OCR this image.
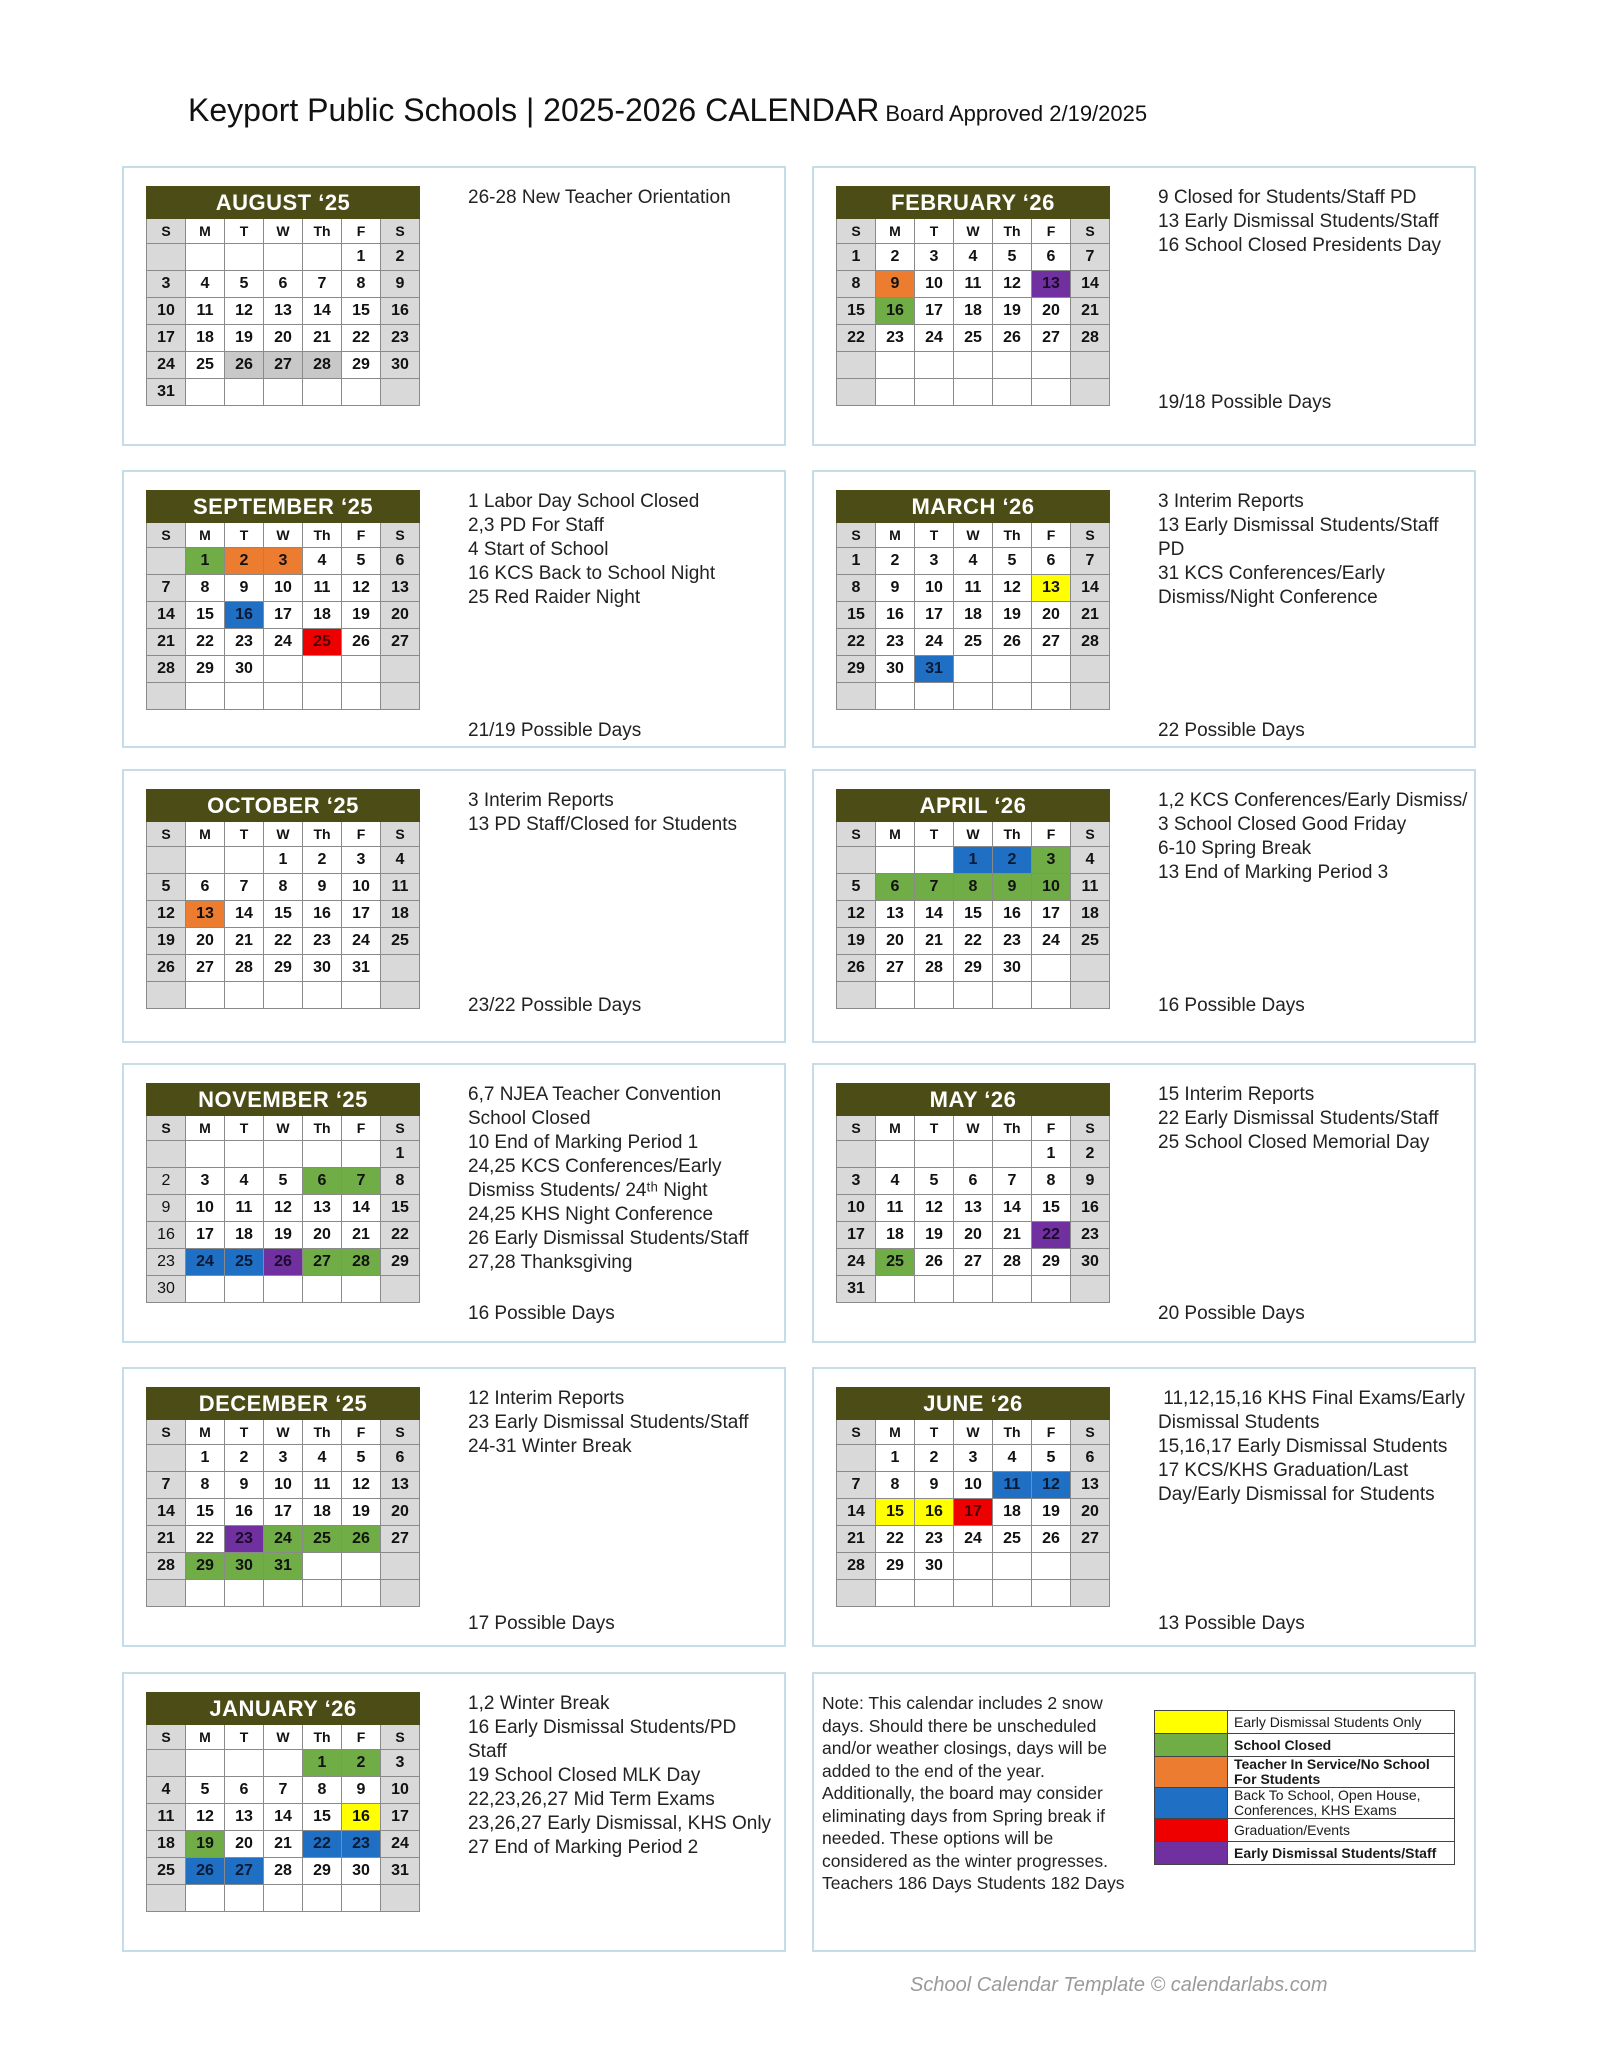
Keyport Public Schools | 2025-2026 CALENDAR Board Approved 2/19/2025
AUGUST ‘25						
S	M	T	W	Th	F	S
					1	2
3	4	5	6	7	8	9
10	11	12	13	14	15	16
17	18	19	20	21	22	23
24	25	26	27	28	29	30
31						
26-28 New Teacher Orientation	FEBRUARY ‘26						
S	M	T	W	Th	F	S
1	2	3	4	5	6	7
8	9	10	11	12	13	14
15	16	17	18	19	20	21
22	23	24	25	26	27	28

9 Closed for Students/Staff PD
13 Early Dismissal Students/Staff
16 School Closed Presidents Day
19/18 Possible Days
SEPTEMBER ‘25						
S	M	T	W	Th	F	S
	1	2	3	4	5	6
7	8	9	10	11	12	13
14	15	16	17	18	19	20
21	22	23	24	25	26	27
28	29	30				

1 Labor Day School Closed
2,3 PD For Staff
4 Start of School
16 KCS Back to School Night
25 Red Raider Night
21/19 Possible Days
MARCH ‘26						
S	M	T	W	Th	F	S
1	2	3	4	5	6	7
8	9	10	11	12	13	14
15	16	17	18	19	20	21
22	23	24	25	26	27	28
29	30	31				

3 Interim Reports
13 Early Dismissal Students/Staff PD
31 KCS Conferences/Early Dismiss/Night Conference
22 Possible Days
OCTOBER ‘25						
S	M	T	W	Th	F	S
			1	2	3	4
5	6	7	8	9	10	11
12	13	14	15	16	17	18
19	20	21	22	23	24	25
26	27	28	29	30	31	

3 Interim Reports
13 PD Staff/Closed for Students
23/22 Possible Days
APRIL ‘26						
S	M	T	W	Th	F	S
			1	2	3	4
5	6	7	8	9	10	11
12	13	14	15	16	17	18
19	20	21	22	23	24	25
26	27	28	29	30		

1,2 KCS Conferences/Early Dismiss/
3 School Closed Good Friday
6-10 Spring Break
13 End of Marking Period 3
16 Possible Days
NOVEMBER ‘25						
S	M	T	W	Th	F	S
						1
2	3	4	5	6	7	8
9	10	11	12	13	14	15
16	17	18	19	20	21	22
23	24	25	26	27	28	29
30						
6,7 NJEA Teacher Convention School Closed
10 End of Marking Period 1
24,25 KCS Conferences/Early Dismiss Students/ 24ᵗʰ Night
24,25 KHS Night Conference
26 Early Dismissal Students/Staff
27,28 Thanksgiving
16 Possible Days
MAY ‘26						
S	M	T	W	Th	F	S
					1	2
3	4	5	6	7	8	9
10	11	12	13	14	15	16
17	18	19	20	21	22	23
24	25	26	27	28	29	30
31						
15 Interim Reports
22 Early Dismissal Students/Staff
25 School Closed Memorial Day
20 Possible Days
DECEMBER ‘25						
S	M	T	W	Th	F	S
	1	2	3	4	5	6
7	8	9	10	11	12	13
14	15	16	17	18	19	20
21	22	23	24	25	26	27
28	29	30	31			

12 Interim Reports
23 Early Dismissal Students/Staff
24-31 Winter Break
17 Possible Days
JUNE ‘26						
S	M	T	W	Th	F	S
	1	2	3	4	5	6
7	8	9	10	11	12	13
14	15	16	17	18	19	20
21	22	23	24	25	26	27
28	29	30				

11,12,15,16 KHS Final Exams/Early Dismissal Students
15,16,17 Early Dismissal Students
17 KCS/KHS Graduation/Last Day/Early Dismissal for Students
13 Possible Days
JANUARY ‘26						
S	M	T	W	Th	F	S
				1	2	3
4	5	6	7	8	9	10
11	12	13	14	15	16	17
18	19	20	21	22	23	24
25	26	27	28	29	30	31

1,2 Winter Break
16 Early Dismissal Students/PD Staff
19 School Closed MLK Day
22,23,26,27 Mid Term Exams
23,26,27 Early Dismissal, KHS Only
27 End of Marking Period 2
Note: This calendar includes 2 snow days. Should there be unscheduled and/or weather closings, days will be added to the end of the year. Additionally, the board may consider eliminating days from Spring break if needed. These options will be considered as the winter progresses. Teachers 186 Days Students 182 Days
	Early Dismissal Students Only
	School Closed
	Teacher In Service/No School For Students
	Back To School, Open House, Conferences, KHS Exams
	Graduation/Events
	Early Dismissal Students/Staff
School Calendar Template © calendarlabs.com
